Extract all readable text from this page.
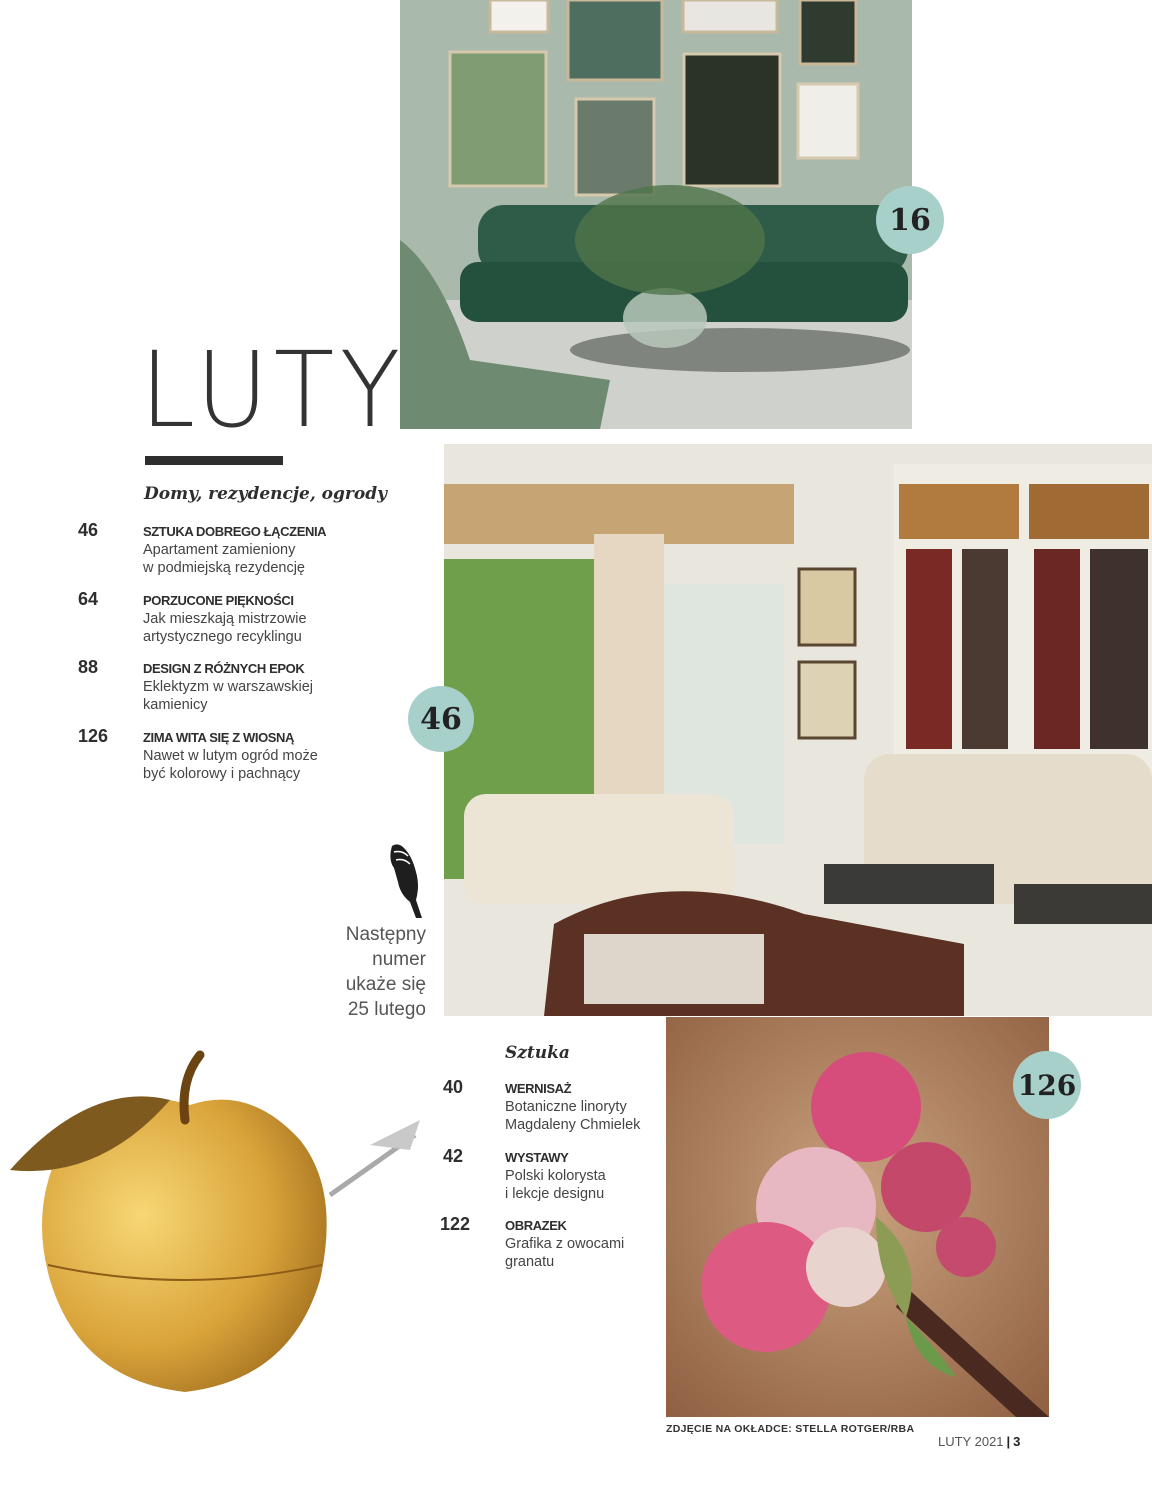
LUTY
Domy, rezydencje, ogrody
46	SZTUKA DOBREGO ŁĄCZENIA
Apartament zamieniony
w podmiejską rezydencję
64	PORZUCONE PIĘKNOŚCI
Jak mieszkają mistrzowie
artystycznego recyklingu
88	DESIGN Z RÓŻNYCH EPOK
Eklektyzm w warszawskiej
kamienicy
126	ZIMA WITA SIĘ Z WIOSNĄ
Nawet w lutym ogród może
być kolorowy i pachnący
Następny
numer
ukaże się
25 lutego
Sztuka
40	WERNISAŻ
Botaniczne linoryty
Magdaleny Chmielek
42	WYSTAWY
Polski kolorysta
i lekcje designu
122	OBRAZEK
Grafika z owocami
granatu
16
46
126
ZDJĘCIE NA OKŁADCE: STELLA ROTGER/RBA
LUTY 2021 | 3
